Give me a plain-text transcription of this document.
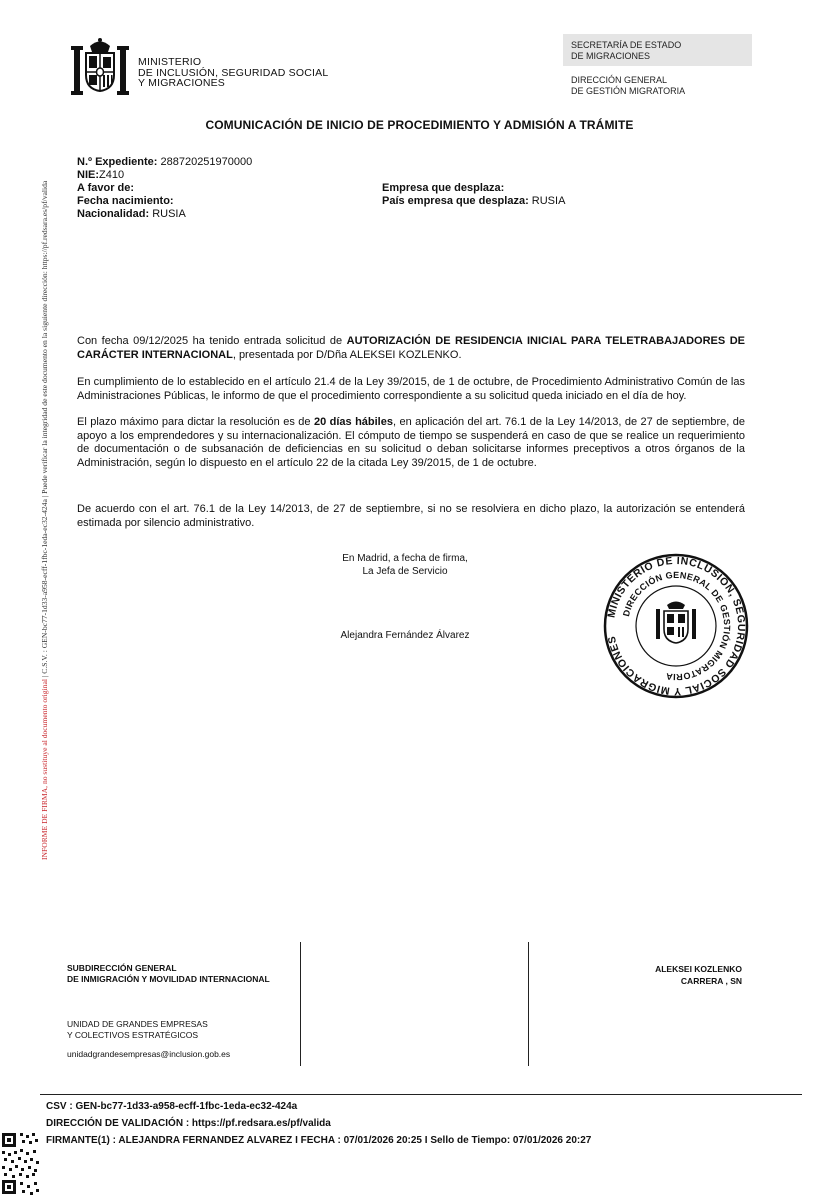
INFORME DE FIRMA, no sustituye al documento original | C.S.V. : GEN-bc77-1d33-a958-ecff-1fbc-1eda-ec32-424a | Puede verificar la integridad de este documento en la siguiente dirección: https://pf.redsara.es/pf/valida
MINISTERIO
DE INCLUSIÓN, SEGURIDAD SOCIAL
Y MIGRACIONES
SECRETARÍA DE ESTADO
DE MIGRACIONES
DIRECCIÓN GENERAL
DE GESTIÓN MIGRATORIA
COMUNICACIÓN DE INICIO DE PROCEDIMIENTO Y ADMISIÓN A TRÁMITE
N.º Expediente: 288720251970000
NIE:Z410
A favor de:
Fecha nacimiento:
Nacionalidad: RUSIA
Empresa que desplaza:
País empresa que desplaza: RUSIA
Con fecha 09/12/2025 ha tenido entrada solicitud de AUTORIZACIÓN DE RESIDENCIA INICIAL PARA TELETRABAJADORES DE CARÁCTER INTERNACIONAL, presentada por D/Dña ALEKSEI KOZLENKO.
En cumplimiento de lo establecido en el artículo 21.4 de la Ley 39/2015, de 1 de octubre, de Procedimiento Administrativo Común de las Administraciones Públicas, le informo de que el procedimiento correspondiente a su solicitud queda iniciado en el día de hoy.
El plazo máximo para dictar la resolución es de 20 días hábiles, en aplicación del art. 76.1 de la Ley 14/2013, de 27 de septiembre, de apoyo a los emprendedores y su internacionalización. El cómputo de tiempo se suspenderá en caso de que se realice un requerimiento de documentación o de subsanación de deficiencias en su solicitud o deban solicitarse informes preceptivos a otros órganos de la Administración, según lo dispuesto en el artículo 22 de la citada Ley 39/2015, de 1 de octubre.
De acuerdo con el art. 76.1 de la Ley 14/2013, de 27 de septiembre, si no se resolviera en dicho plazo, la autorización se entenderá estimada por silencio administrativo.
En Madrid, a fecha de firma,
La Jefa de Servicio
Alejandra Fernández Álvarez
MINISTERIO DE INCLUSIÓN, SEGURIDAD SOCIAL Y MIGRACIONES
DIRECCIÓN GENERAL DE GESTIÓN MIGRATORIA
SUBDIRECCIÓN GENERAL
DE INMIGRACIÓN Y MOVILIDAD INTERNACIONAL
UNIDAD DE GRANDES EMPRESAS
Y COLECTIVOS ESTRATÉGICOS
unidadgrandesempresas@inclusion.gob.es
ALEKSEI KOZLENKO
CARRERA , SN
CSV : GEN-bc77-1d33-a958-ecff-1fbc-1eda-ec32-424a
DIRECCIÓN DE VALIDACIÓN : https://pf.redsara.es/pf/valida
FIRMANTE(1) : ALEJANDRA FERNANDEZ ALVAREZ I FECHA : 07/01/2026 20:25 I Sello de Tiempo: 07/01/2026 20:27
